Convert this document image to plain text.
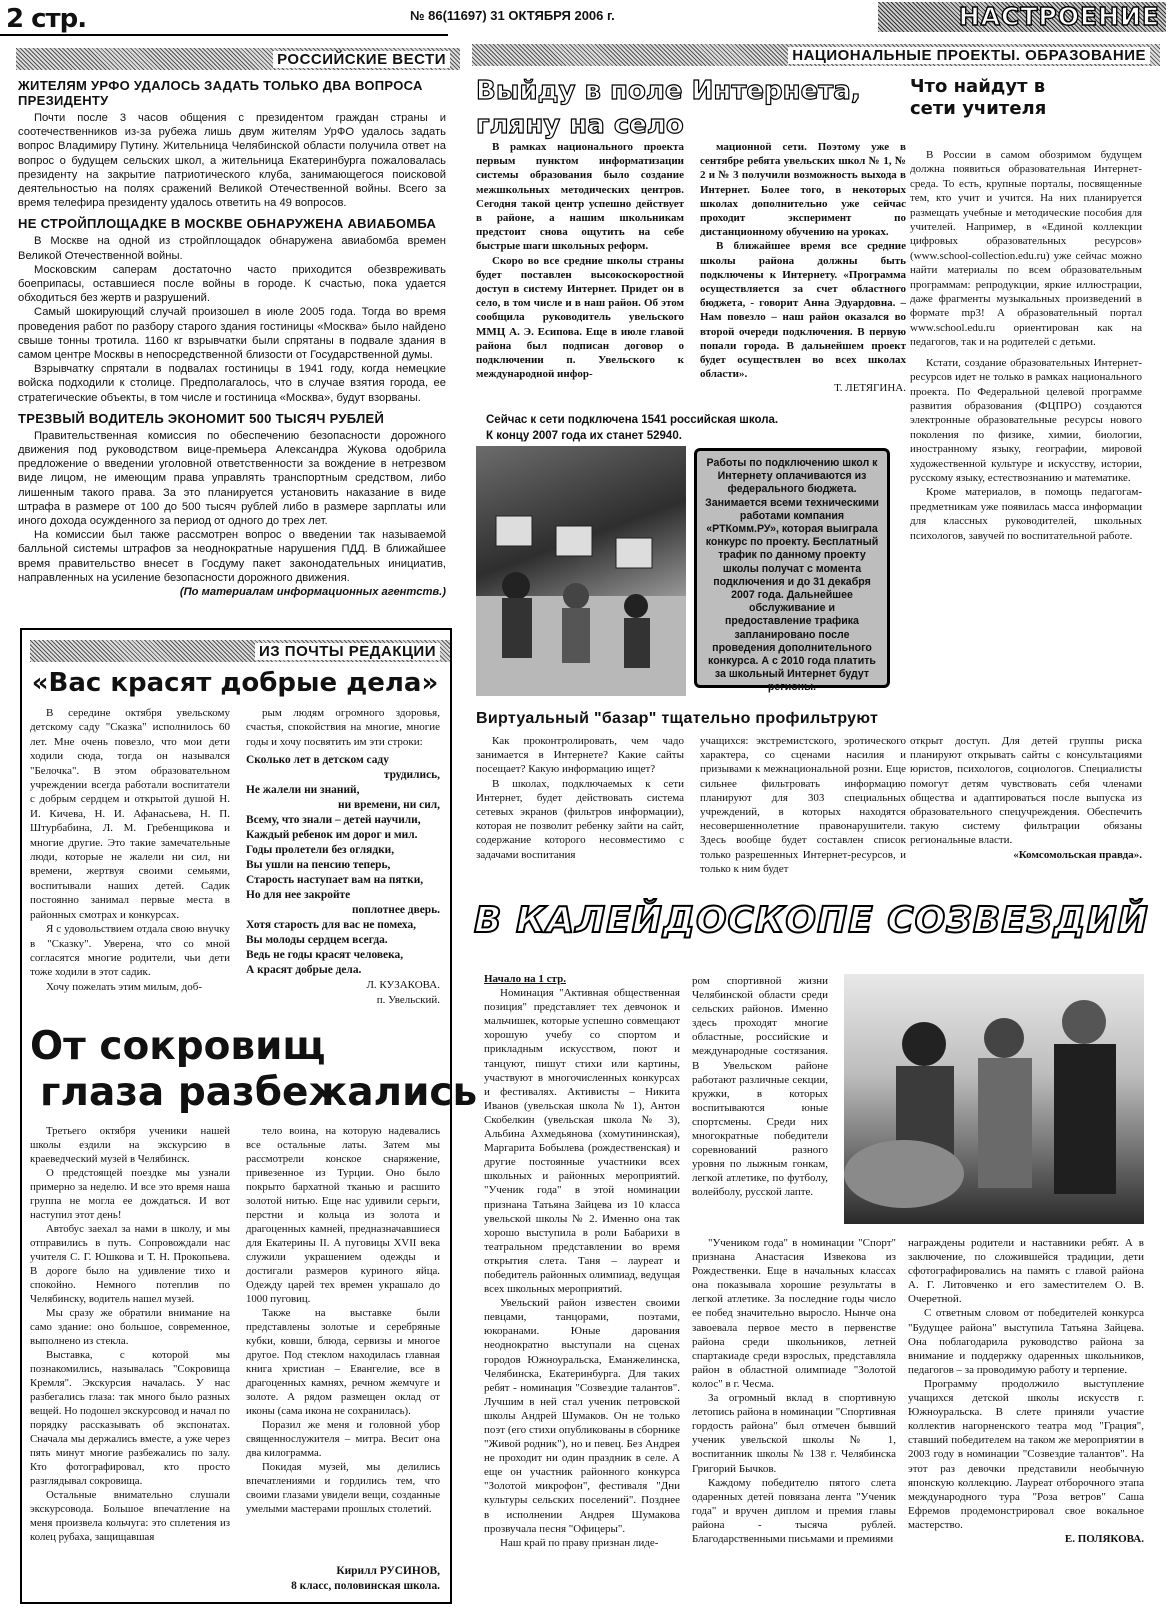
2 стр.	№ 86(11697) 31 ОКТЯБРЯ 2006 г.	НАСТРОЕНИЕ
РОССИЙСКИЕ ВЕСТИ
ЖИТЕЛЯМ УРФО УДАЛОСЬ ЗАДАТЬ ТОЛЬКО ДВА ВОПРОСА ПРЕЗИДЕНТУ

Почти после 3 часов общения с президентом граждан страны и соотечественников из-за рубежа лишь двум жителям УрФО удалось задать вопрос Владимиру Путину. Жительница Челябинской области получила ответ на вопрос о будущем сельских школ, а жительница Екатеринбурга пожаловалась президенту на закрытие патриотического клуба, занимающегося поисковой деятельностью на полях сражений Великой Отечественной войны. Всего за время телефира президенту удалось ответить на 49 вопросов.

НЕ СТРОЙПЛОЩАДКЕ В МОСКВЕ ОБНАРУЖЕНА АВИАБОМБА

В Москве на одной из стройплощадок обнаружена авиабомба времен Великой Отечественной войны.

Московским саперам достаточно часто приходится обезвреживать боеприпасы, оставшиеся после войны в городе. К счастью, пока удается обходиться без жертв и разрушений.

Самый шокирующий случай произошел в июле 2005 года. Тогда во время проведения работ по разбору старого здания гостиницы «Москва» было найдено свыше тонны тротила. 1160 кг взрывчатки были спрятаны в подвале здания в самом центре Москвы в непосредственной близости от Государственной думы.

Взрывчатку спрятали в подвалах гостиницы в 1941 году, когда немецкие войска подходили к столице. Предполагалось, что в случае взятия города, ее стратегические объекты, в том числе и гостиница «Москва», будут взорваны.

ТРЕЗВЫЙ ВОДИТЕЛЬ ЭКОНОМИТ 500 ТЫСЯЧ РУБЛЕЙ

Правительственная комиссия по обеспечению безопасности дорожного движения под руководством вице-премьера Александра Жукова одобрила предложение о введении уголовной ответственности за вождение в нетрезвом виде лицом, не имеющим права управлять транспортным средством, либо лишенным такого права. За это планируется установить наказание в виде штрафа в размере от 100 до 500 тысяч рублей либо в размере зарплаты или иного дохода осужденного за период от одного до трех лет.

На комиссии был также рассмотрен вопрос о введении так называемой балльной системы штрафов за неоднократные нарушения ПДД. В ближайшее время правительство внесет в Госдуму пакет законодательных инициатив, направленных на усиление безопасности дорожного движения.

(По материалам информационных агентств.)
ИЗ ПОЧТЫ РЕДАКЦИИ
«Вас красят добрые дела»

В середине октября увельскому детскому саду "Сказка" исполнилось 60 лет. Мне очень повезло, что мои дети ходили сюда, тогда он назывался "Белочка". В этом образовательном учреждении всегда работали воспитатели с добрым сердцем и открытой душой Н. И. Кичева, Н. И. Афанасьева, Н. П. Штурбабина, Л. М. Гребенщикова и многие другие. Это такие замечательные люди, которые не жалели ни сил, ни времени, жертвуя своими семьями, воспитывали наших детей. Садик постоянно занимал первые места в районных смотрах и конкурсах.

Я с удовольствием отдала свою внучку в "Сказку". Уверена, что со мной согласятся многие родители, чьи дети тоже ходили в этот садик.

Хочу пожелать этим милым, доб-

рым людям огромного здоровья, счастья, спокойствия на многие, многие годы и хочу посвятить им эти строки:

Сколько лет в детском саду
трудились,
Не жалели ни знаний,
ни времени, ни сил,
Всему, что знали – детей научили,
Каждый ребенок им дорог и мил.
Годы пролетели без оглядки,
Вы ушли на пенсию теперь,
Старость наступает вам на пятки,
Но для нее закройте
поплотнее дверь.
Хотя старость для вас не помеха,
Вы молоды сердцем всегда.
Ведь не годы красят человека,
А красят добрые дела.
Л. КУЗАКОВА.
п. Увельский.
От сокровищ
глаза разбежались

Третьего октября ученики нашей школы ездили на экскурсию в краеведческий музей в Челябинск.

О предстоящей поездке мы узнали примерно за неделю. И все это время наша группа не могла ее дождаться. И вот наступил этот день!

Автобус заехал за нами в школу, и мы отправились в путь. Сопровождали нас учителя С. Г. Юшкова и Т. Н. Прокопьева. В дороге было на удивление тихо и спокойно. Немного потеплив по Челябинску, водитель нашел музей.

Мы сразу же обратили внимание на само здание: оно большое, современное, выполнено из стекла.

Выставка, с которой мы познакомились, называлась "Сокровища Кремля". Экскурсия началась. У нас разбегались глаза: так много было разных вещей. Но подошел экскурсовод и начал по порядку рассказывать об экспонатах. Сначала мы держались вместе, а уже через пять минут многие разбежались по залу. Кто фотографировал, кто просто разглядывал сокровища.

Остальные внимательно слушали экскурсовода. Большое впечатление на меня произвела кольчуга: это сплетения из колец рубаха, защищавшая

тело воина, на которую надевались все остальные латы. Затем мы рассмотрели конское снаряжение, привезенное из Турции. Оно было покрыто бархатной тканью и расшито золотой нитью. Еще нас удивили серьги, перстни и кольца из золота и драгоценных камней, предназначавшиеся для Екатерины II. А пуговицы XVII века служили украшением одежды и достигали размеров куриного яйца. Одежду царей тех времен украшало до 1000 пуговиц.

Также на выставке были представлены золотые и серебряные кубки, ковши, блюда, сервизы и многое другое. Под стеклом находилась главная книга христиан – Евангелие, все в драгоценных камнях, речном жемчуге и золоте. А рядом размещен оклад от иконы (сама икона не сохранилась).

Поразил же меня и головной убор священнослужителя – митра. Весит она два килограмма.

Покидая музей, мы делились впечатлениями и гордились тем, что своими глазами увидели вещи, созданные умелыми мастерами прошлых столетий.

Кирилл РУСИНОВ,
8 класс, половинская школа.
НАЦИОНАЛЬНЫЕ ПРОЕКТЫ. ОБРАЗОВАНИЕ
Выйду в поле Интернета,
гляну на село

В рамках национального проекта первым пунктом информатизации системы образования было создание межшкольных методических центров. Сегодня такой центр успешно действует в районе, а нашим школьникам предстоит снова ощутить на себе быстрые шаги школьных реформ.

Скоро во все средние школы страны будет поставлен высокоскоростной доступ в систему Интернет. Придет он в село, в том числе и в наш район. Об этом сообщила руководитель увельского ММЦ А. Э. Есипова. Еще в июле главой района был подписан договор о подключении п. Увельского к международной инфор-

мационной сети. Поэтому уже в сентябре ребята увельских школ № 1, № 2 и № 3 получили возможность выхода в Интернет. Более того, в некоторых школах дополнительно уже сейчас проходит эксперимент по дистанционному обучению на уроках.

В ближайшее время все средние школы района должны быть подключены к Интернету. «Программа осуществляется за счет областного бюджета, - говорит Анна Эдуардовна. – Нам повезло – наш район оказался во второй очереди подключения. В первую попали города. В дальнейшем проект будет осуществлен во всех школах области».

Т. ЛЕТЯГИНА.
Сейчас к сети подключена 1541 российская школа.
К концу 2007 года их станет 52940.
Работы по подключению школ к Интернету оплачиваются из федерального бюджета. Занимается всеми техническими работами компания «РТКомм.РУ», которая выиграла конкурс по проекту. Бесплатный трафик по данному проекту школы получат с момента подключения и до 31 декабря 2007 года. Дальнейшее обслуживание и предоставление трафика запланировано после проведения дополнительного конкурса. А с 2010 года платить за школьный Интернет будут регионы.
Что найдут в сети учителя

В России в самом обозримом будущем должна появиться образовательная Интернет-среда. То есть, крупные порталы, посвященные тем, кто учит и учится. На них планируется размещать учебные и методические пособия для учителей. Например, в «Единой коллекции цифровых образовательных ресурсов» (www.school-collection.edu.ru) уже сейчас можно найти материалы по всем образовательным программам: репродукции, яркие иллюстрации, даже фрагменты музыкальных произведений в формате mp3! А образовательный портал www.school.edu.ru ориентирован как на педагогов, так и на родителей с детьми.

Кстати, создание образовательных Интернет-ресурсов идет не только в рамках национального проекта. По Федеральной целевой программе развития образования (ФЦПРО) создаются электронные образовательные ресурсы нового поколения по физике, химии, биологии, иностранному языку, географии, мировой художественной культуре и искусству, истории, русскому языку, естествознанию и математике.

Кроме материалов, в помощь педагогам-предметникам уже появилась масса информации для классных руководителей, школьных психологов, завучей по воспитательной работе.

Виртуальный "базар" тщательно профильтруют

Как проконтролировать, чем чадо занимается в Интернете? Какие сайты посещает? Какую информацию ищет?

В школах, подключаемых к сети Интернет, будет действовать система сетевых экранов (фильтров информации), которая не позволит ребенку зайти на сайт, содержание которого несовместимо с задачами воспитания

учащихся: экстремистского, эротического характера, со сценами насилия и призывами к межнациональной розни. Еще сильнее фильтровать информацию планируют для 303 специальных учреждений, в которых находятся несовершеннолетние правонарушители. Здесь вообще будет составлен список только разрешенных Интернет-ресурсов, и только к ним будет

открыт доступ. Для детей группы риска планируют открывать сайты с консультациями юристов, психологов, социологов. Специалисты помогут детям чувствовать себя членами общества и адаптироваться после выпуска из образовательного спецучреждения. Обеспечить такую систему фильтрации обязаны региональные власти.

«Комсомольская правда».
В КАЛЕЙДОСКОПЕ СОЗВЕЗДИЙ
Начало на 1 стр.

Номинация "Активная общественная позиция" представляет тех девчонок и мальчишек, которые успешно совмещают хорошую учебу со спортом и прикладным искусством, поют и танцуют, пишут стихи или картины, участвуют в многочисленных конкурсах и фестивалях. Активисты – Никита Иванов (увельская школа № 1), Антон Скобелкин (увельская школа № 3), Альбина Ахмедьянова (хомутининская), Маргарита Бобылева (рождественская) и другие постоянные участники всех школьных и районных мероприятий. "Ученик года" в этой номинации признана Татьяна Зайцева из 10 класса увельской школы № 2. Именно она так хорошо выступила в роли Бабарихи в театральном представлении во время открытия слета. Таня – лауреат и победитель районных олимпиад, ведущая всех школьных мероприятий.

Увельский район известен своими певцами, танцорами, поэтами, юкоранами. Юные дарования неоднократно выступали на сценах городов Южноуральска, Еманжелинска, Челябинска, Екатеринбурга. Для таких ребят - номинация "Созвездие талантов". Лучшим в ней стал ученик петровской школы Андрей Шумаков. Он не только поэт (его стихи опубликованы в сборнике "Живой родник"), но и певец. Без Андрея не проходит ни один праздник в селе. А еще он участник районного конкурса "Золотой микрофон", фестиваля "Дни культуры сельских поселений". Позднее в исполнении Андрея Шумакова прозвучала песня "Офицеры".

Наш край по праву признан лиде-

ром спортивной жизни Челябинской области среди сельских районов. Именно здесь проходят многие областные, российские и международные состязания. В Увельском районе работают различные секции, кружки, в которых воспитываются юные спортсмены. Среди них многократные победители соревнований разного уровня по лыжным гонкам, легкой атлетике, по футболу, волейболу, русской лапте.

"Учеником года" в номинации "Спорт" признана Анастасия Извекова из Рождественки. Еще в начальных классах она показывала хорошие результаты в легкой атлетике. За последние годы число ее побед значительно выросло. Нынче она завоевала первое место в первенстве района среди школьников, летней спартакиаде среди взрослых, представляла район в областной олимпиаде "Золотой колос" в г. Чесма.

За огромный вклад в спортивную летопись района в номинации "Спортивная гордость района" был отмечен бывший ученик увельской школы № 1, воспитанник школы № 138 г. Челябинска Григорий Бычков.

Каждому победителю пятого слета одаренных детей повязана лента "Ученик года" и вручен диплом и премия главы района - тысяча рублей. Благодарственными письмами и премиями

награждены родители и наставники ребят. А в заключение, по сложившейся традиции, дети сфотографировались на память с главой района А. Г. Литовченко и его заместителем О. В. Очеретной.

С ответным словом от победителей конкурса "Будущее района" выступила Татьяна Зайцева. Она поблагодарила руководство района за внимание и поддержку одаренных школьников, педагогов – за проводимую работу и терпение.

Программу продолжило выступление учащихся детской школы искусств г. Южноуральска. В слете приняли участие коллектив нагорненского театра мод "Грация", ставший победителем на таком же мероприятии в 2003 году в номинации "Созвездие талантов". На этот раз девочки представили необычную японскую коллекцию. Лауреат отборочного этапа международного тура "Роза ветров" Саша Ефремов продемонстрировал свое вокальное мастерство.

Е. ПОЛЯКОВА.
